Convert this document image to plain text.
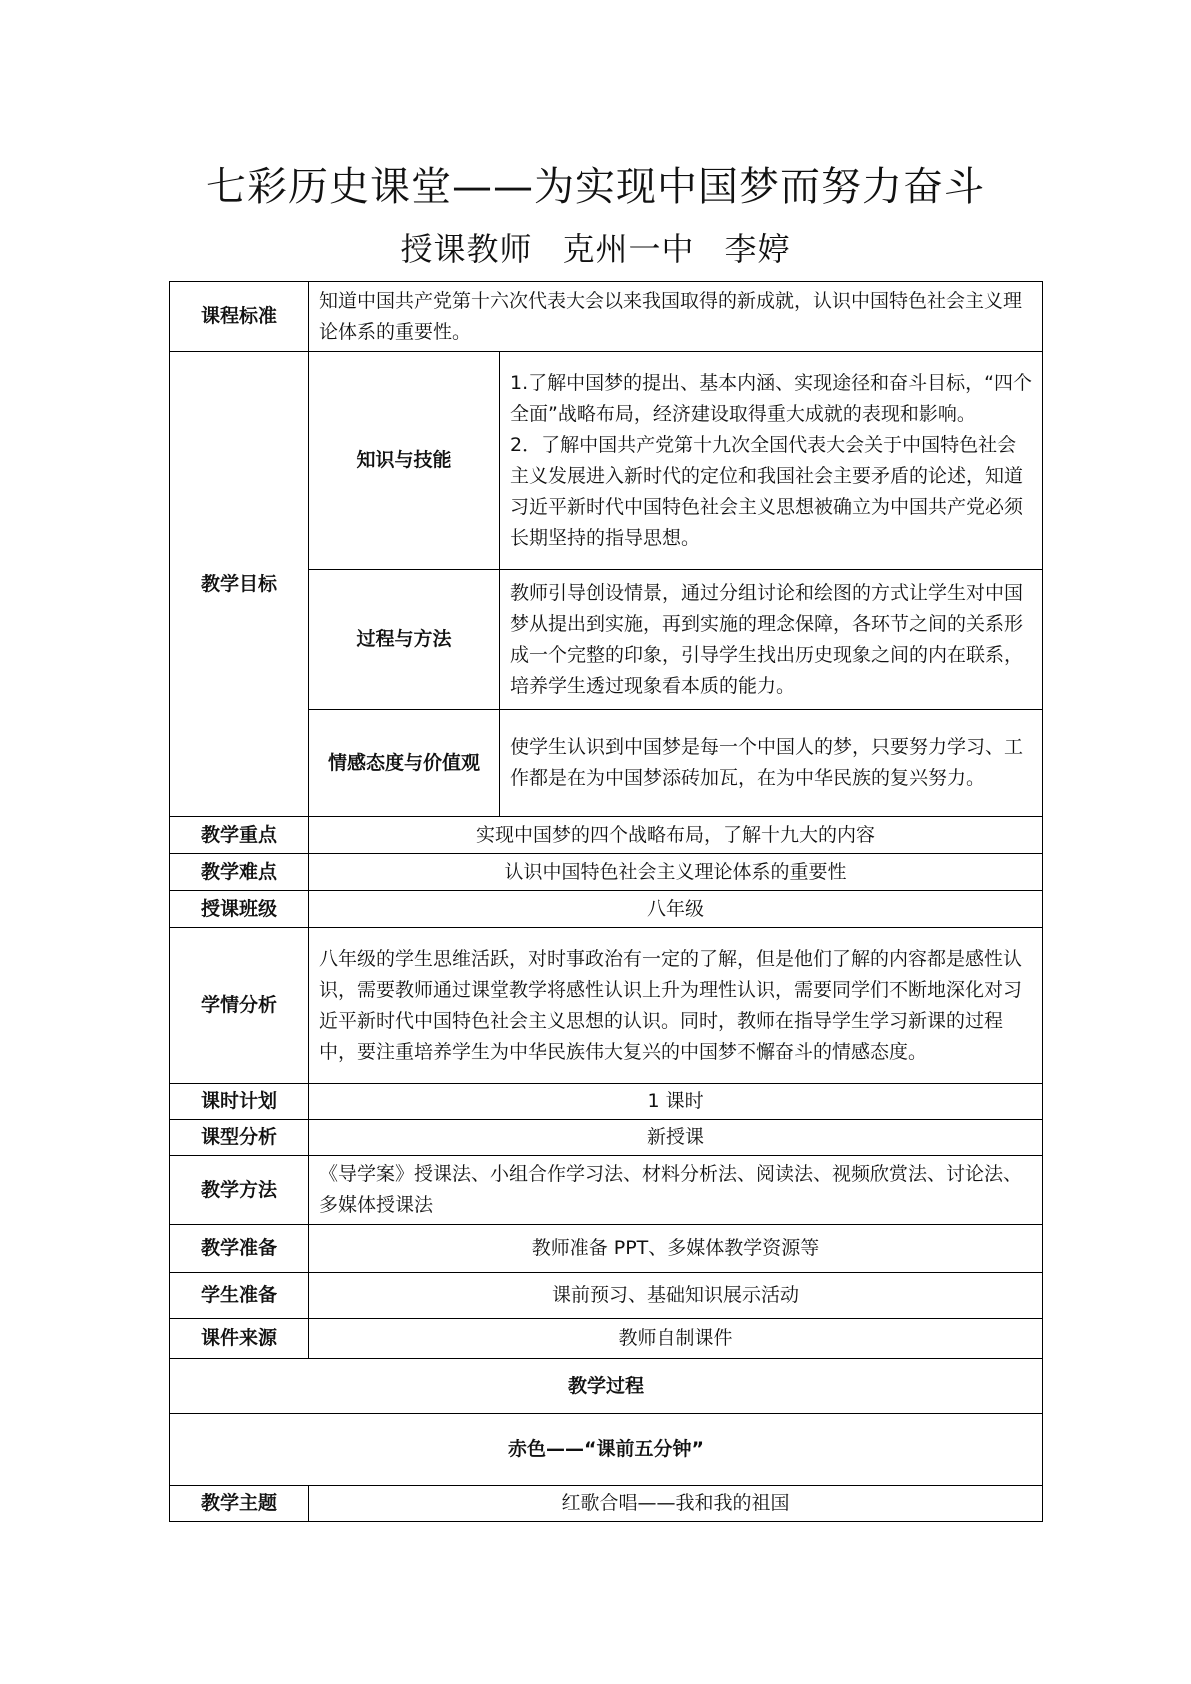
七彩历史课堂——为实现中国梦而努力奋斗
授课教师 克州一中 李婷
课程标准	知道中国共产党第十六次代表大会以来我国取得的新成就，认识中国特色社会主义理论体系的重要性。	
教学目标	知识与技能	1.了解中国梦的提出、基本内涵、实现途径和奋斗目标，“四个全面”战略布局，经济建设取得重大成就的表现和影响。
2．了解中国共产党第十九次全国代表大会关于中国特色社会主义发展进入新时代的定位和我国社会主要矛盾的论述，知道习近平新时代中国特色社会主义思想被确立为中国共产党必须长期坚持的指导思想。

	过程与方法	教师引导创设情景，通过分组讨论和绘图的方式让学生对中国梦从提出到实施，再到实施的理念保障，各环节之间的关系形成一个完整的印象，引导学生找出历史现象之间的内在联系，培养学生透过现象看本质的能力。
	情感态度与价值观	使学生认识到中国梦是每一个中国人的梦，只要努力学习、工作都是在为中国梦添砖加瓦，在为中华民族的复兴努力。
教学重点	实现中国梦的四个战略布局，了解十九大的内容	
教学难点	认识中国特色社会主义理论体系的重要性	
授课班级	八年级	
学情分析	八年级的学生思维活跃，对时事政治有一定的了解，但是他们了解的内容都是感性认识，需要教师通过课堂教学将感性认识上升为理性认识，需要同学们不断地深化对习近平新时代中国特色社会主义思想的认识。同时，教师在指导学生学习新课的过程中，要注重培养学生为中华民族伟大复兴的中国梦不懈奋斗的情感态度。	
课时计划	1 课时	
课型分析	新授课	
教学方法	《导学案》授课法、小组合作学习法、材料分析法、阅读法、视频欣赏法、讨论法、多媒体授课法	
教学准备	教师准备 PPT、多媒体教学资源等	
学生准备	课前预习、基础知识展示活动	
课件来源	教师自制课件	
教学过程		
赤色——“课前五分钟”		
教学主题	红歌合唱——我和我的祖国	
